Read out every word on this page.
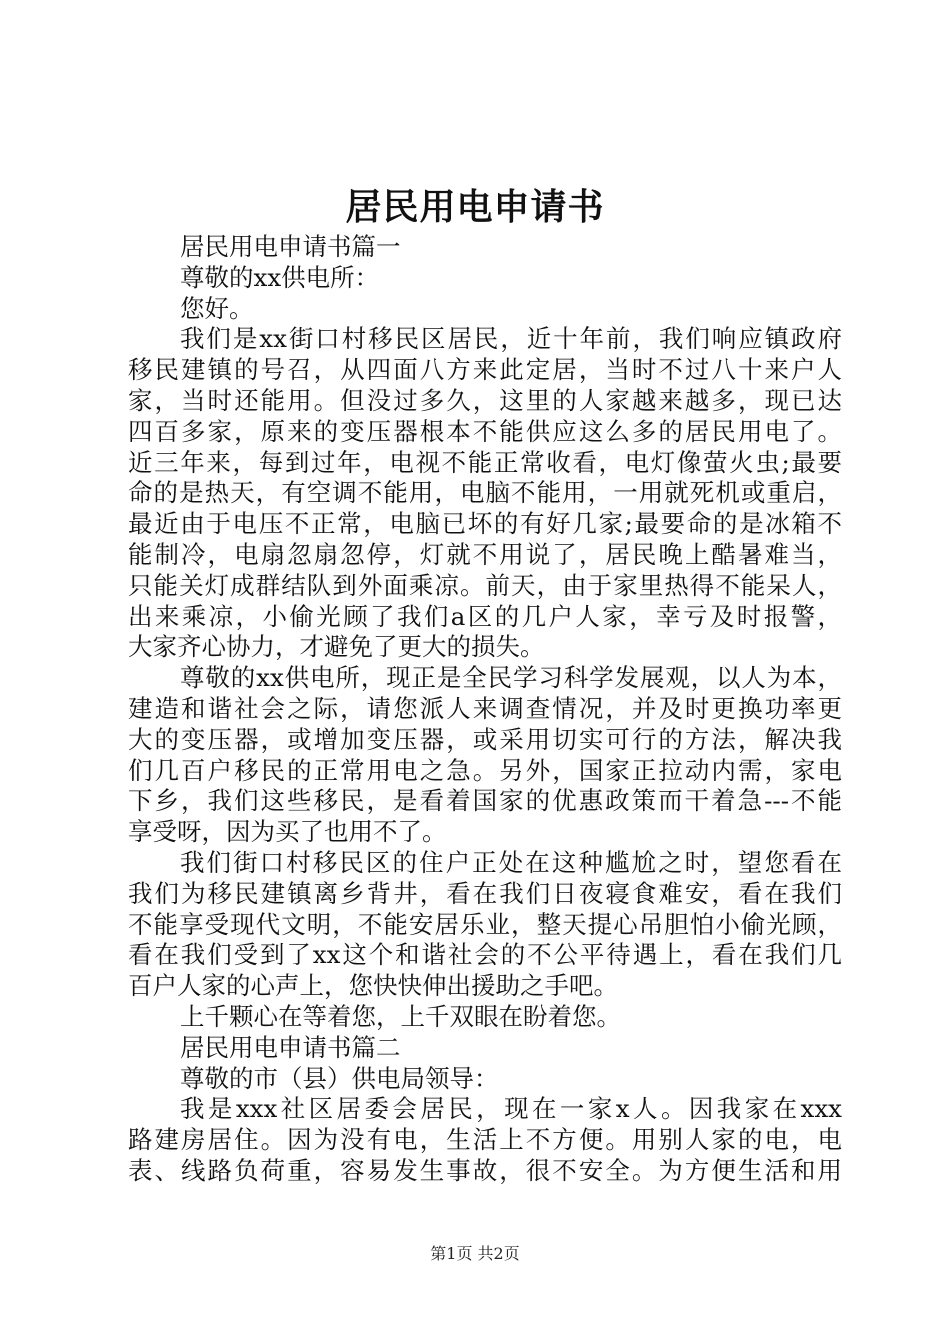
居民用电申请书
居民用电申请书篇一
尊敬的xx供电所：
您好。
我们是xx街口村移民区居民，近十年前，我们响应镇政府
移民建镇的号召，从四面八方来此定居，当时不过八十来户人
家，当时还能用。但没过多久，这里的人家越来越多，现已达
四百多家，原来的变压器根本不能供应这么多的居民用电了。
近三年来，每到过年，电视不能正常收看，电灯像萤火虫;最要
命的是热天，有空调不能用，电脑不能用，一用就死机或重启，
最近由于电压不正常，电脑已坏的有好几家;最要命的是冰箱不
能制冷，电扇忽扇忽停，灯就不用说了，居民晚上酷暑难当，
只能关灯成群结队到外面乘凉。前天，由于家里热得不能呆人，
出来乘凉，小偷光顾了我们a区的几户人家，幸亏及时报警，
大家齐心协力，才避免了更大的损失。
尊敬的xx供电所，现正是全民学习科学发展观，以人为本，
建造和谐社会之际，请您派人来调查情况，并及时更换功率更
大的变压器，或增加变压器，或采用切实可行的方法，解决我
们几百户移民的正常用电之急。另外，国家正拉动内需，家电
下乡，我们这些移民，是看着国家的优惠政策而干着急---不能
享受呀，因为买了也用不了。
我们街口村移民区的住户正处在这种尴尬之时，望您看在
我们为移民建镇离乡背井，看在我们日夜寝食难安，看在我们
不能享受现代文明，不能安居乐业，整天提心吊胆怕小偷光顾，
看在我们受到了xx这个和谐社会的不公平待遇上，看在我们几
百户人家的心声上，您快快伸出援助之手吧。
上千颗心在等着您，上千双眼在盼着您。
居民用电申请书篇二
尊敬的市（县）供电局领导：
我是xxx社区居委会居民，现在一家x人。因我家在xxx
路建房居住。因为没有电，生活上不方便。用别人家的电，电
表、线路负荷重，容易发生事故，很不安全。为方便生活和用
第1页 共2页
